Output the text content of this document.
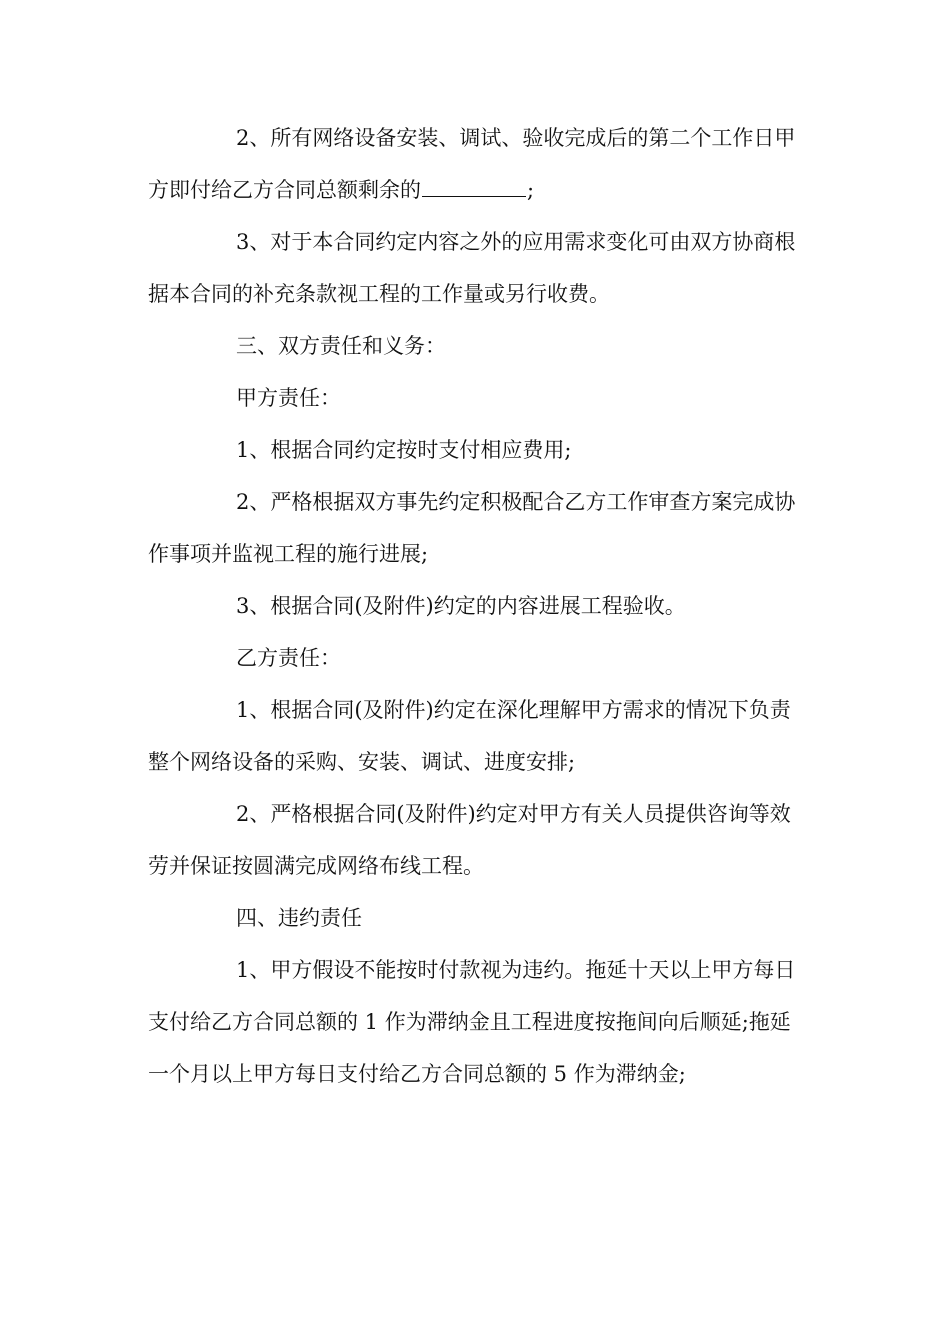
2、所有网络设备安装、调试、验收完成后的第二个工作日甲方即付给乙方合同总额剩余的	;

3、对于本合同约定内容之外的应用需求变化可由双方协商根据本合同的补充条款视工程的工作量或另行收费。

三、双方责任和义务：

甲方责任：

1、根据合同约定按时支付相应费用;

2、严格根据双方事先约定积极配合乙方工作审查方案完成协作事项并监视工程的施行进展;

3、根据合同(及附件)约定的内容进展工程验收。

乙方责任：

1、根据合同(及附件)约定在深化理解甲方需求的情况下负责整个网络设备的采购、安装、调试、进度安排;

2、严格根据合同(及附件)约定对甲方有关人员提供咨询等效劳并保证按圆满完成网络布线工程。

四、违约责任

1、甲方假设不能按时付款视为违约。拖延十天以上甲方每日支付给乙方合同总额的 1 作为滞纳金且工程进度按拖间向后顺延;拖延一个月以上甲方每日支付给乙方合同总额的 5 作为滞纳金;
